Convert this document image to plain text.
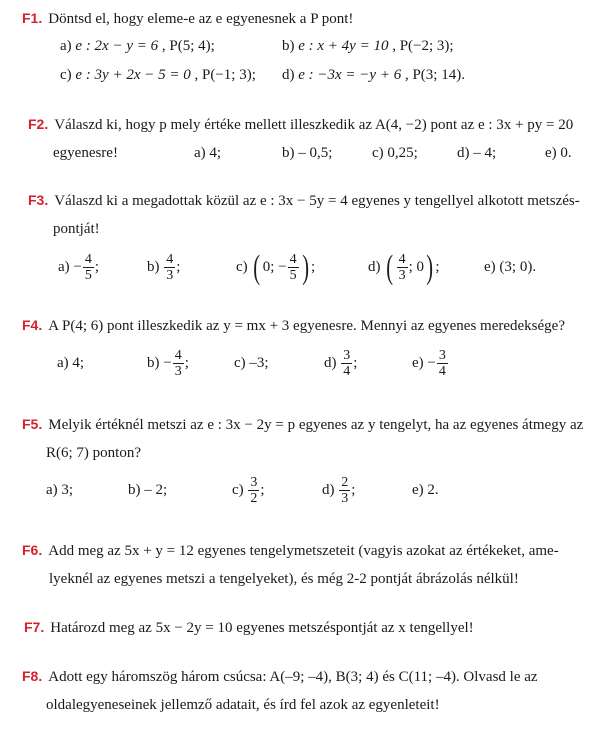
F1. Döntsd el, hogy eleme-e az e egyenesnek a P pont!
a) e : 2x − y = 6 , P(5; 4);	b) e : x + 4y = 10 , P(−2; 3);
c) e : 3y + 2x − 5 = 0 , P(−1; 3); d) e : −3x = −y + 6 , P(3; 14).
F2. Válaszd ki, hogy p mely értéke mellett illeszkedik az A(4, −2) pont az e : 3x + py = 20
egyenesre!	a) 4;	b) – 0,5;	c) 0,25;	d) – 4;	e) 0.
F3. Válaszd ki a megadottak közül az e : 3x − 5y = 4 egyenes y tengellyel alkotott metszés-
pontját!
$a) - \frac{4}{5}$ ;	$b) \frac{4}{3}$ ;	c) ( 0; − $\frac{4}{5}$ ) ;	d) ( $\frac{4}{3}$ ; 0) ;	e) (3; 0).
F4. A P(4; 6) pont illeszkedik az y = mx + 3 egyenesre. Mennyi az egyenes meredeksége?
a) 4;	$b) - \frac{4}{3}$ ;	c) –3;	$d) \frac{3}{4}$ ;	$e) - \frac{3}{4}$
F5. Melyik értéknél metszi az e : 3x − 2y = p egyenes az y tengelyt, ha az egyenes átmegy az
R(6; 7) ponton?
a) 3;	b) – 2;	$c) \frac{3}{2}$ ;	$d) \frac{2}{3}$ ;	e) 2.
F6. Add meg az 5x + y = 12 egyenes tengelymetszeteit (vagyis azokat az értékeket, ame-
lyeknél az egyenes metszi a tengelyeket), és még 2-2 pontját ábrázolás nélkül!
F7. Határozd meg az 5x − 2y = 10 egyenes metszéspontját az x tengellyel!
F8. Adott egy háromszög három csúcsa: A(–9; –4), B(3; 4) és C(11; –4). Olvasd le az
oldalegyeneseinek jellemző adatait, és írd fel azok az egyenleteit!
